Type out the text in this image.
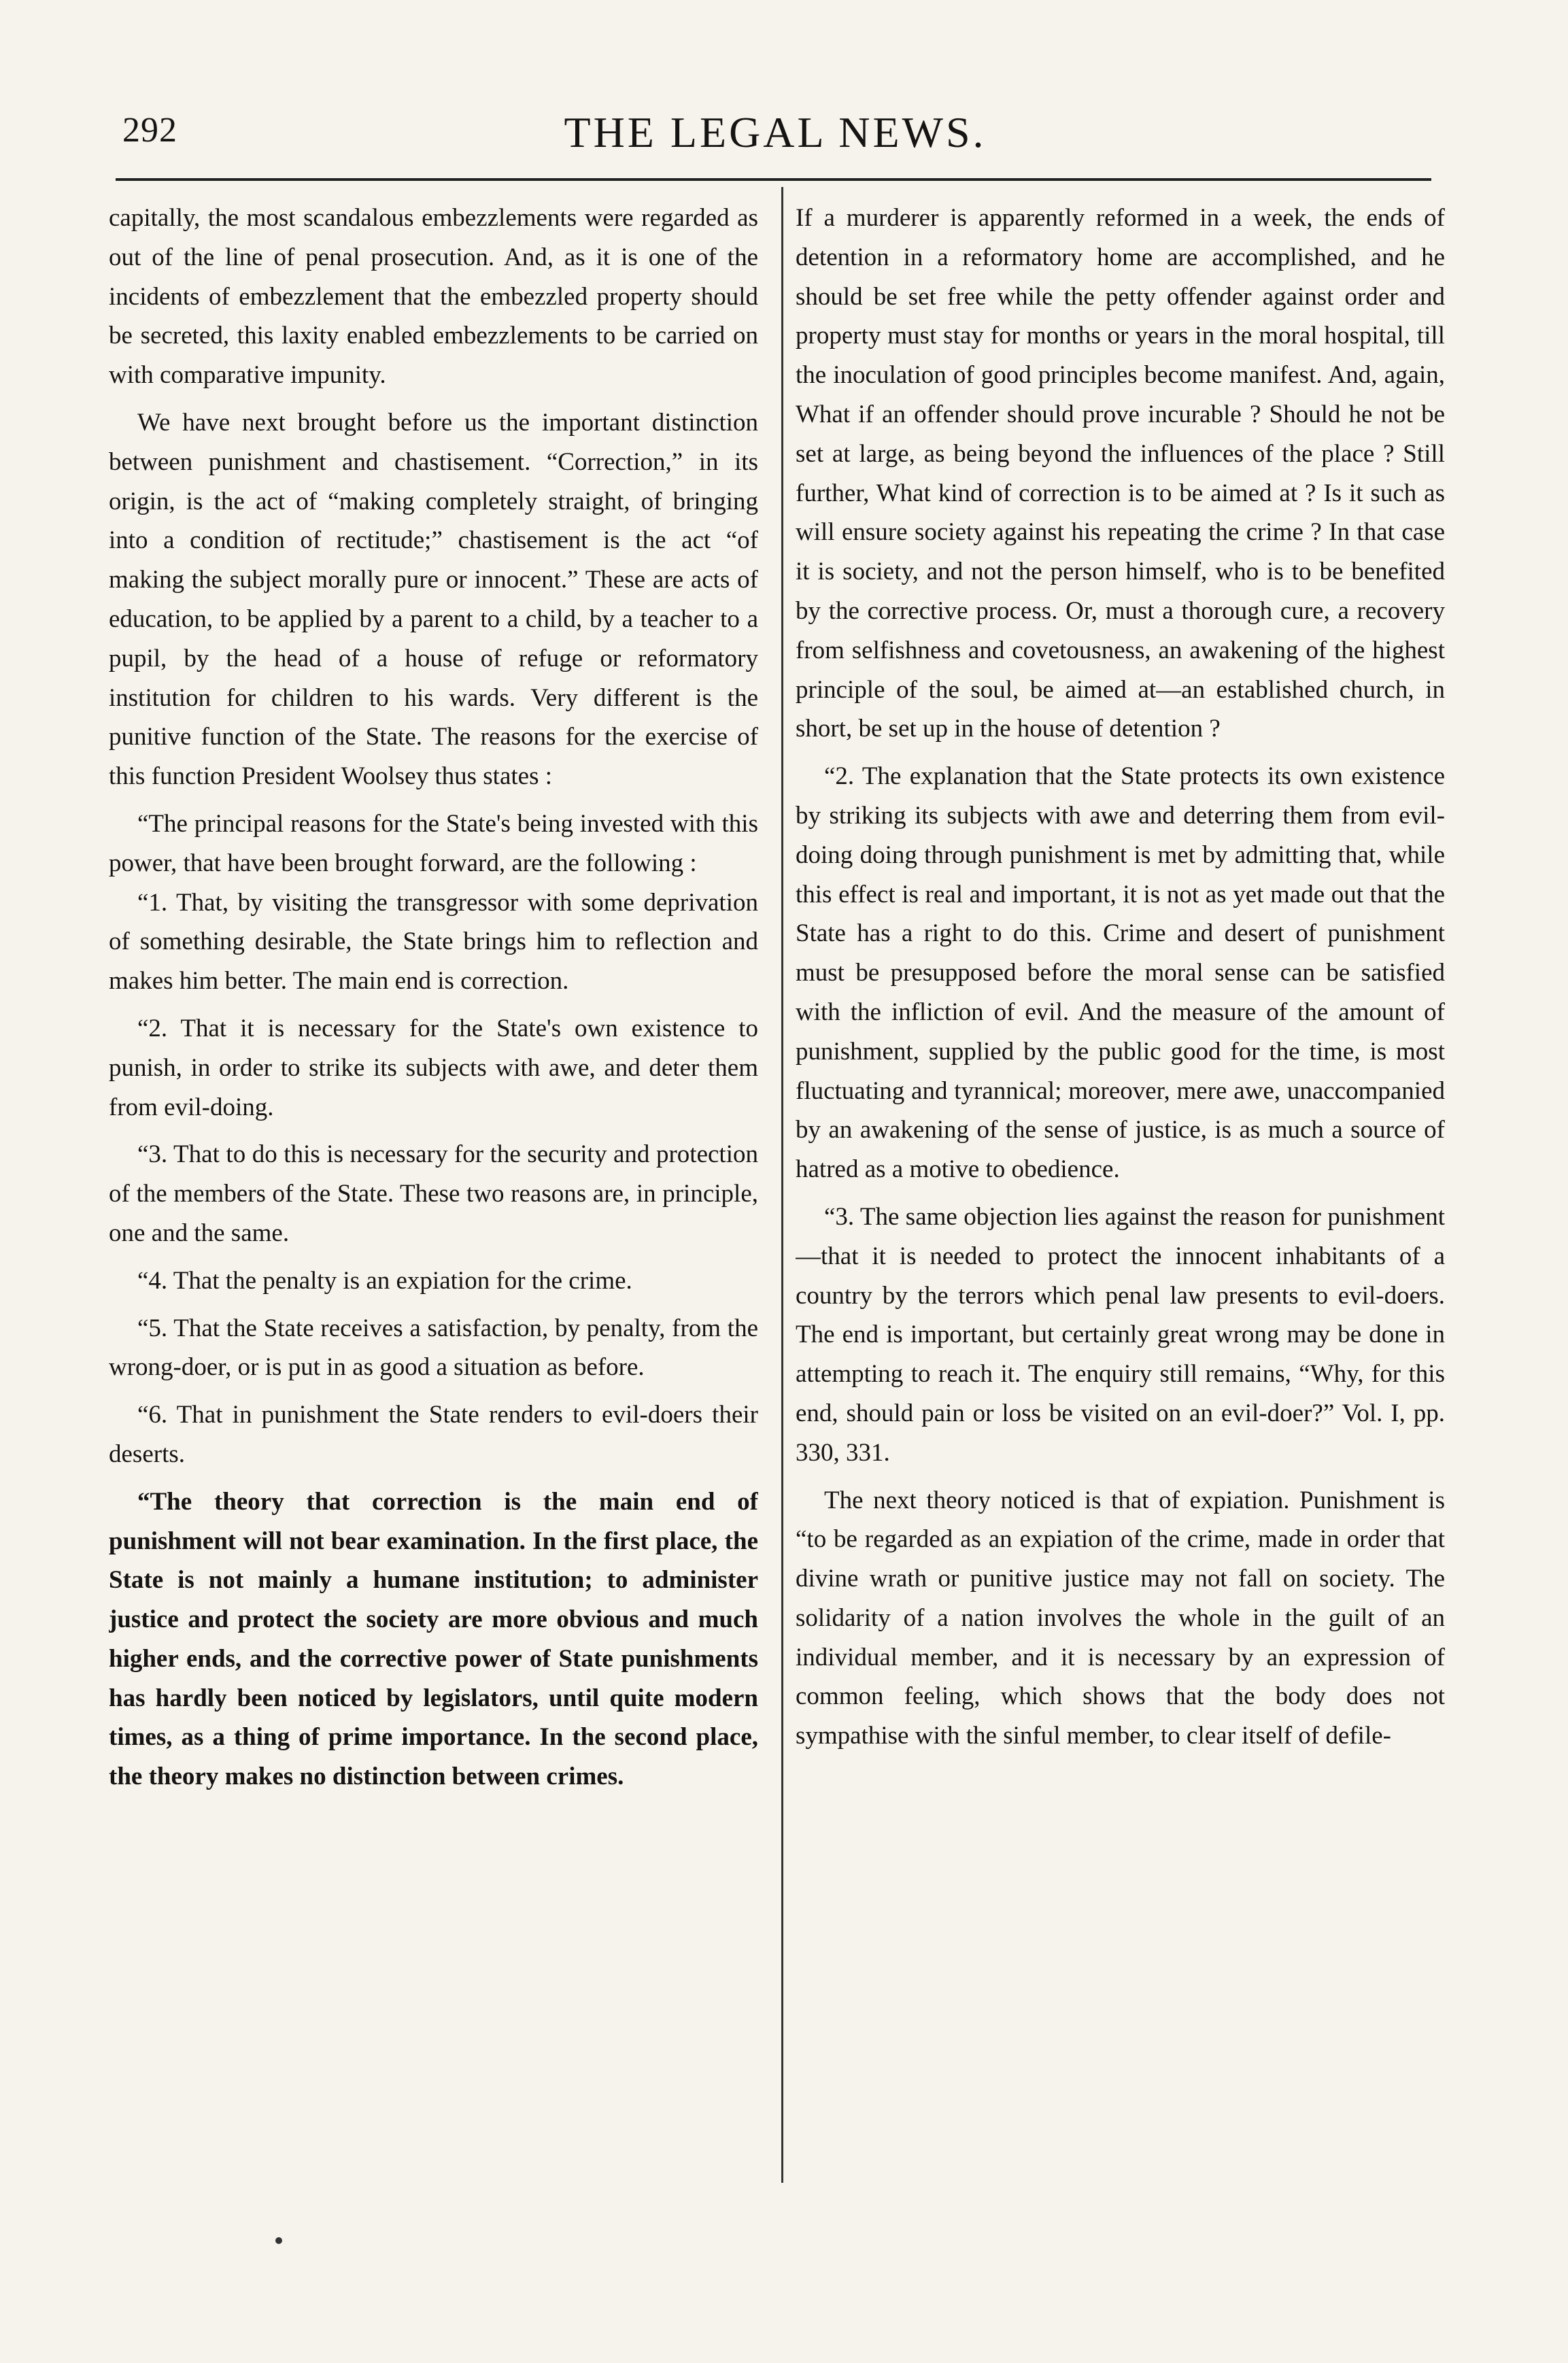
292	THE LEGAL NEWS.

capitally, the most scandalous embezzlements were regarded as out of the line of penal prosecution. And, as it is one of the incidents of embezzlement that the embezzled property should be secreted, this laxity enabled embezzlements to be carried on with comparative impunity.

We have next brought before us the important distinction between punishment and chastisement. “Correction,” in its origin, is the act of “making completely straight, of bringing into a condition of rectitude;” chastisement is the act “of making the subject morally pure or innocent.” These are acts of education, to be applied by a parent to a child, by a teacher to a pupil, by the head of a house of refuge or reformatory institution for children to his wards. Very different is the punitive function of the State. The reasons for the exercise of this function President Woolsey thus states :

“The principal reasons for the State's being invested with this power, that have been brought forward, are the following :

“1. That, by visiting the transgressor with some deprivation of something desirable, the State brings him to reflection and makes him better. The main end is correction.

“2. That it is necessary for the State's own existence to punish, in order to strike its subjects with awe, and deter them from evil-doing.

“3. That to do this is necessary for the security and protection of the members of the State. These two reasons are, in principle, one and the same.

“4. That the penalty is an expiation for the crime.

“5. That the State receives a satisfaction, by penalty, from the wrong-doer, or is put in as good a situation as before.

“6. That in punishment the State renders to evil-doers their deserts.

“The theory that correction is the main end of punishment will not bear examination. In the first place, the State is not mainly a humane institution; to administer justice and protect the society are more obvious and much higher ends, and the corrective power of State punishments has hardly been noticed by legislators, until quite modern times, as a thing of prime importance. In the second place, the theory makes no distinction between crimes.

If a murderer is apparently reformed in a week, the ends of detention in a reformatory home are accomplished, and he should be set free while the petty offender against order and property must stay for months or years in the moral hospital, till the inoculation of good principles become manifest. And, again, What if an offender should prove incurable ? Should he not be set at large, as being beyond the influences of the place ? Still further, What kind of correction is to be aimed at ? Is it such as will ensure society against his repeating the crime ? In that case it is society, and not the person himself, who is to be benefited by the corrective process. Or, must a thorough cure, a recovery from selfishness and covetousness, an awakening of the highest principle of the soul, be aimed at—an established church, in short, be set up in the house of detention ?

“2. The explanation that the State protects its own existence by striking its subjects with awe and deterring them from evil-doing doing through punishment is met by admitting that, while this effect is real and important, it is not as yet made out that the State has a right to do this. Crime and desert of punishment must be presupposed before the moral sense can be satisfied with the infliction of evil. And the measure of the amount of punishment, supplied by the public good for the time, is most fluctuating and tyrannical; moreover, mere awe, unaccompanied by an awakening of the sense of justice, is as much a source of hatred as a motive to obedience.

“3. The same objection lies against the reason for punishment—that it is needed to protect the innocent inhabitants of a country by the terrors which penal law presents to evil-doers. The end is important, but certainly great wrong may be done in attempting to reach it. The enquiry still remains, “Why, for this end, should pain or loss be visited on an evil-doer?” Vol. I, pp. 330, 331.

The next theory noticed is that of expiation. Punishment is “to be regarded as an expiation of the crime, made in order that divine wrath or punitive justice may not fall on society. The solidarity of a nation involves the whole in the guilt of an individual member, and it is necessary by an expression of common feeling, which shows that the body does not sympathise with the sinful member, to clear itself of defile-
